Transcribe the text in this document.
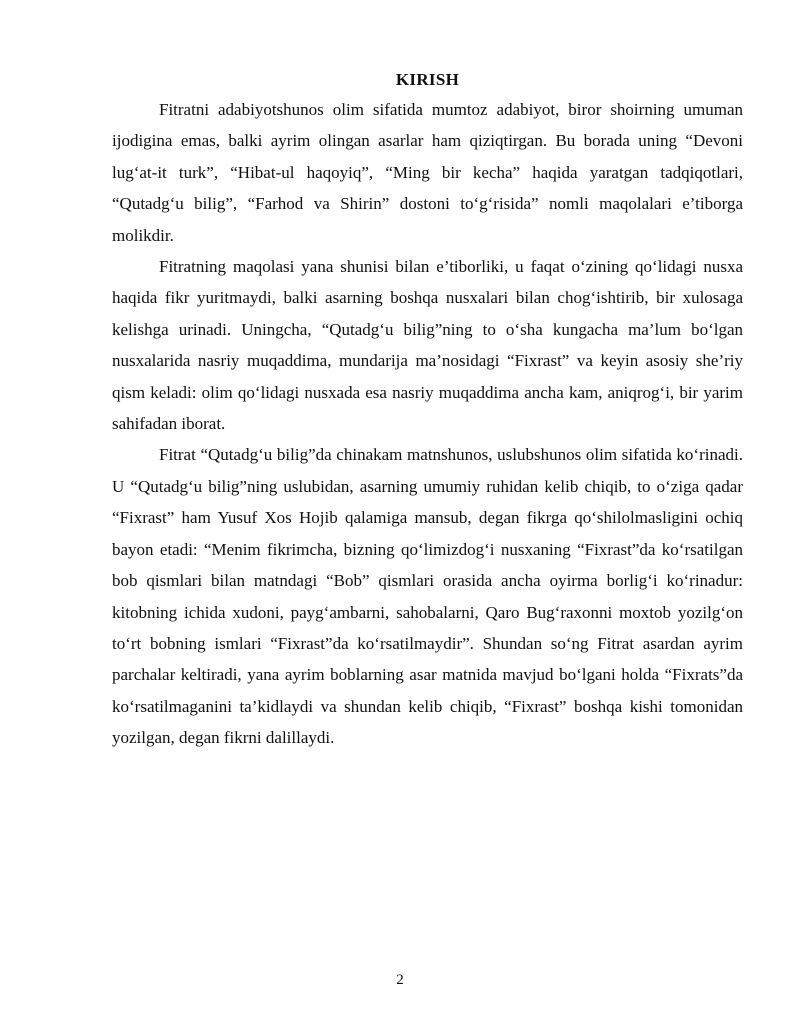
KIRISH

Fitratni adabiyotshunos olim sifatida mumtoz adabiyot, biror shoirning umuman ijodigina emas, balki ayrim olingan asarlar ham qiziqtirgan. Bu borada uning “Devoni lug‘at-it turk”, “Hibat-ul haqoyiq”, “Ming bir kecha” haqida yaratgan tadqiqotlari, “Qutadg‘u bilig”, “Farhod va Shirin” dostoni to‘g‘risida” nomli maqolalari e’tiborga molikdir.

Fitratning maqolasi yana shunisi bilan e’tiborliki, u faqat o‘zining qo‘lidagi nusxa haqida fikr yuritmaydi, balki asarning boshqa nusxalari bilan chog‘ishtirib, bir xulosaga kelishga urinadi. Uningcha, “Qutadg‘u bilig”ning to o‘sha kungacha ma’lum bo‘lgan nusxalarida nasriy muqaddima, mundarija ma’nosidagi “Fixrast” va keyin asosiy she’riy qism keladi: olim qo‘lidagi nusxada esa nasriy muqaddima ancha kam, aniqrog‘i, bir yarim sahifadan iborat.

Fitrat “Qutadg‘u bilig”da chinakam matnshunos, uslubshunos olim sifatida ko‘rinadi. U “Qutadg‘u bilig”ning uslubidan, asarning umumiy ruhidan kelib chiqib, to o‘ziga qadar “Fixrast” ham Yusuf Xos Hojib qalamiga mansub, degan fikrga qo‘shilolmasligini ochiq bayon etadi: “Menim fikrimcha, bizning qo‘limizdog‘i nusxaning “Fixrast”da ko‘rsatilgan bob qismlari bilan matndagi “Bob” qismlari orasida ancha oyirma borlig‘i ko‘rinadur: kitobning ichida xudoni, payg‘ambarni, sahobalarni, Qaro Bug‘raxonni moxtob yozilg‘on to‘rt bobning ismlari “Fixrast”da ko‘rsatilmaydir”. Shundan so‘ng Fitrat asardan ayrim parchalar keltiradi, yana ayrim boblarning asar matnida mavjud bo‘lgani holda “Fixrats”da ko‘rsatilmaganini ta’kidlaydi va shundan kelib chiqib, “Fixrast” boshqa kishi tomonidan yozilgan, degan fikrni dalillaydi.

2
